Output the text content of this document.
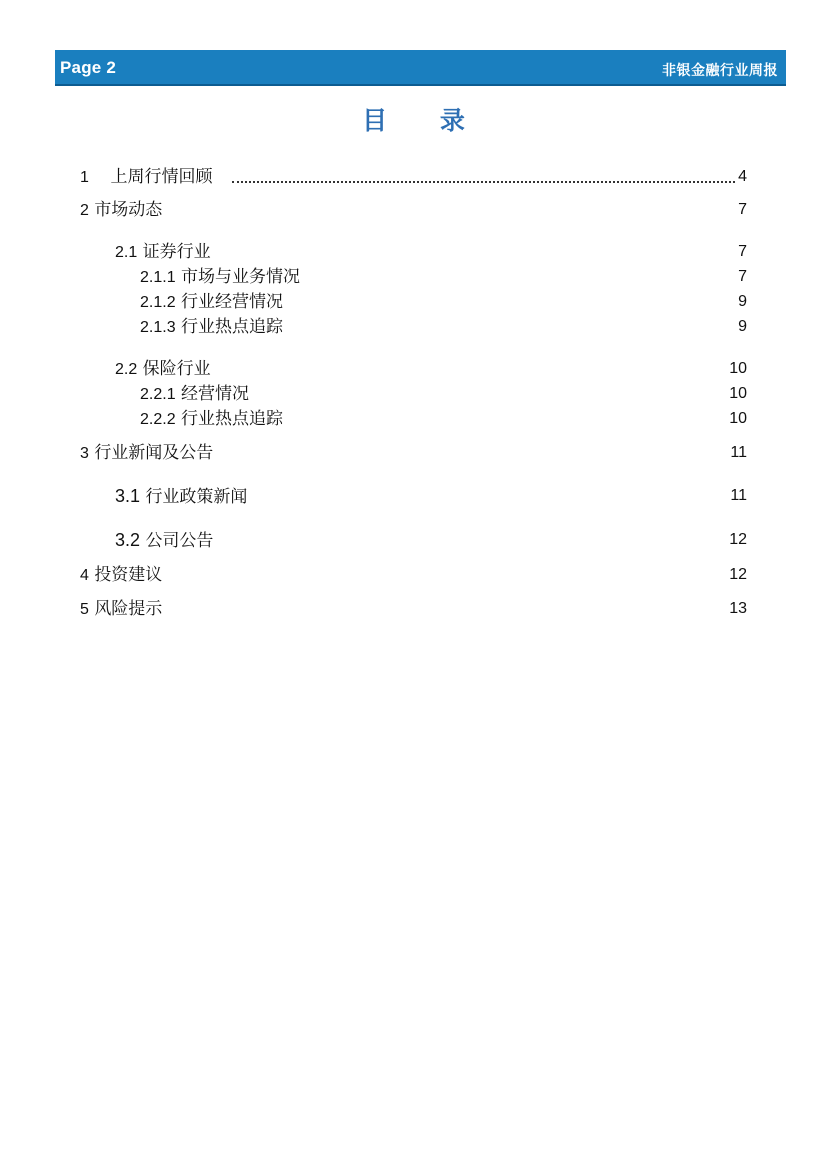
Page 2	非银金融行业周报
目 录
1 上周行情回顾	4
2 市场动态	7
2.1 证券行业	7
2.1.1 市场与业务情况	7
2.1.2 行业经营情况	9
2.1.3 行业热点追踪	9
2.2 保险行业	10
2.2.1 经营情况	10
2.2.2 行业热点追踪	10
3 行业新闻及公告	11
3.1 行业政策新闻	11
3.2 公司公告	12
4 投资建议	12
5 风险提示	13
